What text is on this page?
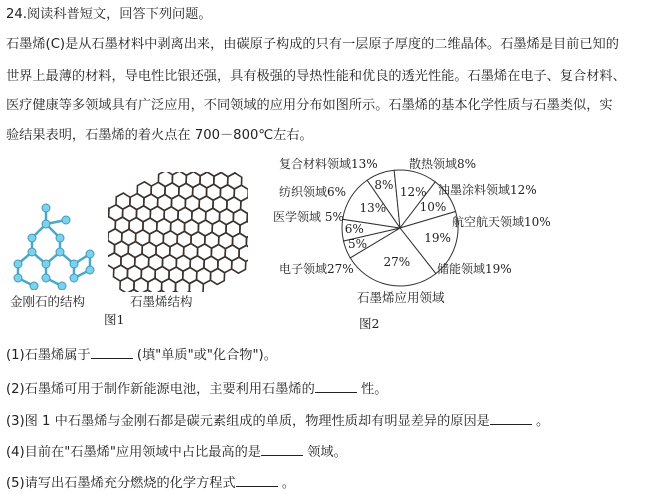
24.阅读科普短文，回答下列问题。
石墨烯(C)是从石墨材料中剥离出来，由碳原子构成的只有一层原子厚度的二维晶体。石墨烯是目前已知的
世界上最薄的材料，导电性比银还强，具有极强的导热性能和优良的透光性能。石墨烯在电子、复合材料、
医疗健康等多领域具有广泛应用，不同领域的应用分布如图所示。石墨烯的基本化学性质与石墨类似，实
验结果表明，石墨烯的着火点在 700－800℃左右。
金刚石的结构	石墨烯结构
图1
8%
12%
10%
19%
27%
5%
6%
13%
散热领域8%
油墨涂料领域12%
航空航天领域10%
储能领域19%
电子领域27%
医学领域 5%
纺织领域6%
复合材料领域13%
石墨烯应用领域
图2
(1)石墨烯属于	(填"单质"或"化合物")。
(2)石墨烯可用于制作新能源电池，主要利用石墨烯的	性。
(3)图 1 中石墨烯与金刚石都是碳元素组成的单质，物理性质却有明显差异的原因是	。
(4)目前在"石墨烯"应用领域中占比最高的是	领域。
(5)请写出石墨烯充分燃烧的化学方程式	。
